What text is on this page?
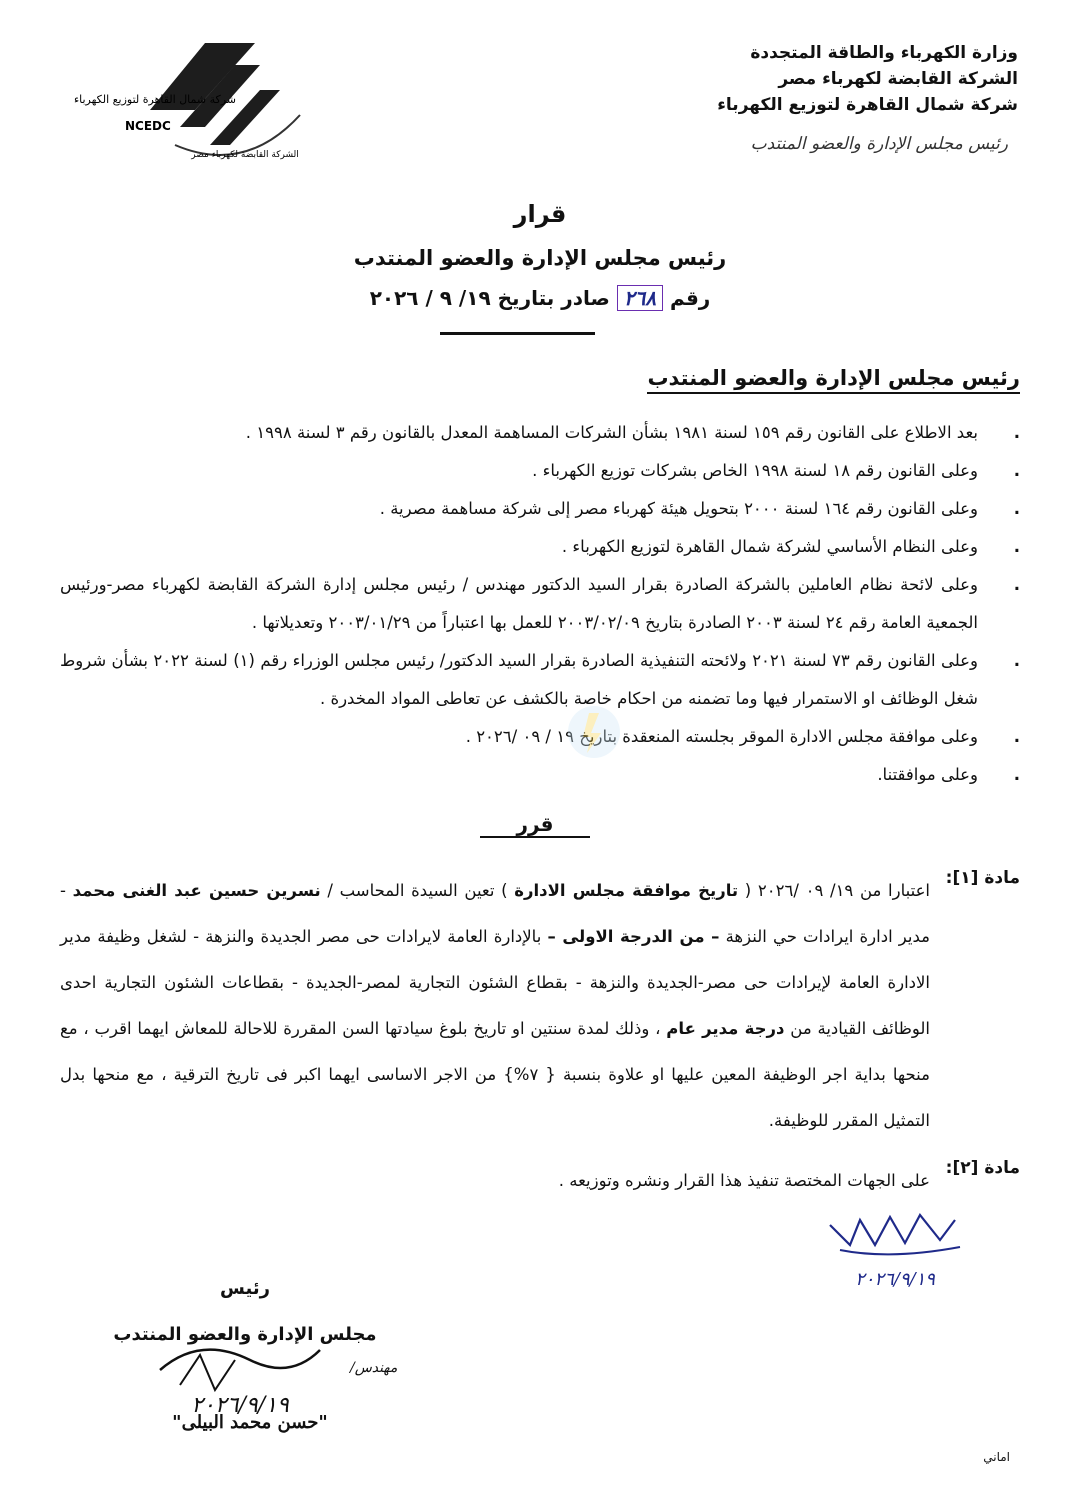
شركة شمال القاهرة لتوزيع الكهرباء
NCEDC
الشركة القابضة لكهرباء مصر
وزارة الكهرباء والطاقة المتجددة
الشركة القابضة لكهرباء مصر
شركة شمال القاهرة لتوزيع الكهرباء
رئيس مجلس الإدارة والعضو المنتدب
قرار
رئيس مجلس الإدارة والعضو المنتدب
رقم ٢٦٨ صادر بتاريخ ١٩/ ٩ / ٢٠٢٦
رئيس مجلس الإدارة والعضو المنتدب
.
بعد الاطلاع على القانون رقم ١٥٩ لسنة ١٩٨١ بشأن الشركات المساهمة المعدل بالقانون رقم ٣ لسنة ١٩٩٨ .
.
وعلى القانون رقم ١٨ لسنة ١٩٩٨ الخاص بشركات توزيع الكهرباء .
.
وعلى القانون رقم ١٦٤ لسنة ٢٠٠٠ بتحويل هيئة كهرباء مصر إلى شركة مساهمة مصرية .
.
وعلى النظام الأساسي لشركة شمال القاهرة لتوزيع الكهرباء .
.
وعلى لائحة نظام العاملين بالشركة الصادرة بقرار السيد الدكتور مهندس / رئيس مجلس إدارة الشركة القابضة لكهرباء مصر-ورئيس الجمعية العامة رقم ٢٤ لسنة ٢٠٠٣ الصادرة بتاريخ ٢٠٠٣/٠٢/٠٩ للعمل بها اعتباراً من ٢٠٠٣/٠١/٢٩ وتعديلاتها .
.
وعلى القانون رقم ٧٣ لسنة ٢٠٢١ ولائحته التنفيذية الصادرة بقرار السيد الدكتور/ رئيس مجلس الوزراء رقم (١) لسنة ٢٠٢٢ بشأن شروط شغل الوظائف او الاستمرار فيها وما تضمنه من احكام خاصة بالكشف عن تعاطى المواد المخدرة .
.
وعلى موافقة مجلس الادارة الموقر بجلسته المنعقدة بتاريخ ١٩ / ٠٩ /٢٠٢٦ .
.
وعلى موافقتنا.
قرر
مادة [١]:
اعتبارا من ١٩/ ٠٩ /٢٠٢٦ ( تاريخ موافقة مجلس الادارة ) تعين السيدة المحاسب / نسرين حسين عبد الغنى محمد - مدير ادارة ايرادات حي النزهة – من الدرجة الاولى – بالإدارة العامة لايرادات حى مصر الجديدة والنزهة - لشغل وظيفة مدير الادارة العامة لإيرادات حى مصر-الجديدة والنزهة - بقطاع الشئون التجارية لمصر-الجديدة - بقطاعات الشئون التجارية احدى الوظائف القيادية من درجة مدير عام ، وذلك لمدة سنتين او تاريخ بلوغ سيادتها السن المقررة للاحالة للمعاش ايهما اقرب ، مع منحها بداية اجر الوظيفة المعين عليها او علاوة بنسبة { ٧%} من الاجر الاساسى ايهما اكبر فى تاريخ الترقية ، مع منحها بدل التمثيل المقرر للوظيفة.
مادة [٢]:
على الجهات المختصة تنفيذ هذا القرار ونشره وتوزيعه .
٢٠٢٦/٩/١٩
رئيس
مجلس الإدارة والعضو المنتدب
مهندس/
٢٠٢٦/٩/١٩
"حسن محمد البيلى"
اماني
